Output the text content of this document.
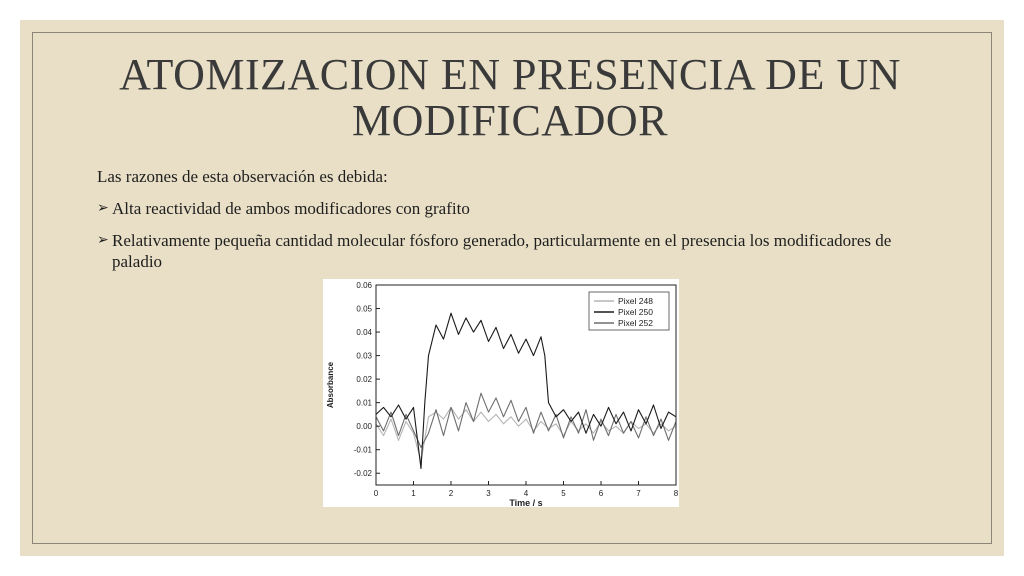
ATOMIZACION EN PRESENCIA DE UN
MODIFICADOR

Las razones de esta observación es debida:

➢ Alta reactividad de ambos modificadores con grafito
➢ Relativamente pequeña cantidad molecular fósforo generado, particularmente en el presencia los modificadores de paladio
0	1	2	3	4	5	6	7	8
-0.02
-0.01
0.00
0.01
0.02
0.03
0.04
0.05
0.06
Time / s
Absorbance
Pixel 248
Pixel 250
Pixel 252
